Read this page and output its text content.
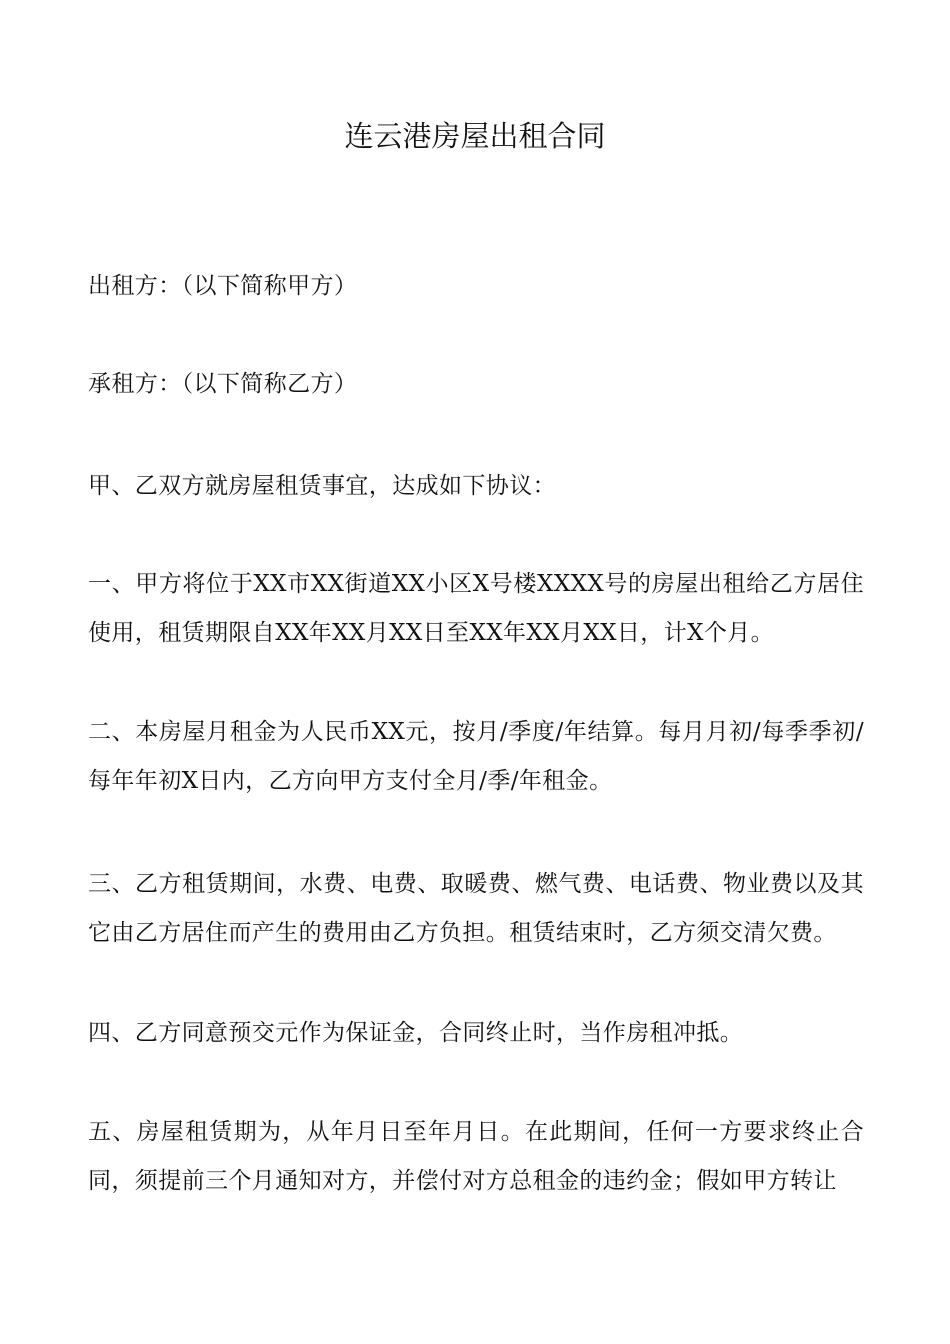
连云港房屋出租合同

出租方：（以下简称甲方）

承租方：（以下简称乙方）

甲、乙双方就房屋租赁事宜，达成如下协议：

一、甲方将位于XX市XX街道XX小区X号楼XXXX号的房屋出租给乙方居住使用，租赁期限自XX年XX月XX日至XX年XX月XX日，计X个月。

二、本房屋月租金为人民币XX元，按月/季度/年结算。每月月初/每季季初/每年年初X日内，乙方向甲方支付全月/季/年租金。

三、乙方租赁期间，水费、电费、取暖费、燃气费、电话费、物业费以及其它由乙方居住而产生的费用由乙方负担。租赁结束时，乙方须交清欠费。

四、乙方同意预交元作为保证金，合同终止时，当作房租冲抵。

五、房屋租赁期为，从年月日至年月日。在此期间，任何一方要求终止合同，须提前三个月通知对方，并偿付对方总租金的违约金；假如甲方转让
